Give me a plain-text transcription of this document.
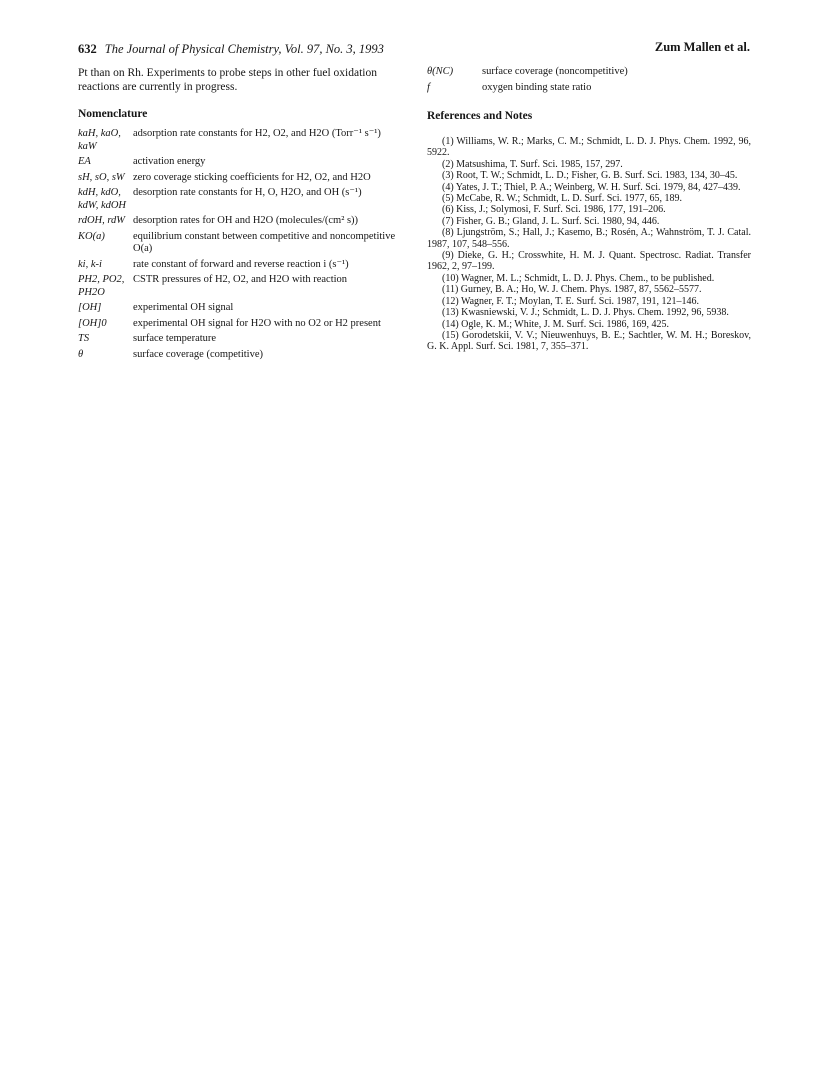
632 The Journal of Physical Chemistry, Vol. 97, No. 3, 1993	Zum Mallen et al.

Pt than on Rh. Experiments to probe steps in other fuel oxidation reactions are currently in progress.

Nomenclature

kaH, kaO, kaW	adsorption rate constants for H2, O2, and H2O (Torr⁻¹ s⁻¹)
EA	activation energy
sH, sO, sW	zero coverage sticking coefficients for H2, O2, and H2O
kdH, kdO, kdW, kdOH	desorption rate constants for H, O, H2O, and OH (s⁻¹)
rdOH, rdW	desorption rates for OH and H2O (molecules/(cm² s))
KO(a)	equilibrium constant between competitive and noncompetitive O(a)
ki, k-i	rate constant of forward and reverse reaction i (s⁻¹)
PH2, PO2, PH2O	CSTR pressures of H2, O2, and H2O with reaction
[OH]	experimental OH signal
[OH]0	experimental OH signal for H2O with no O2 or H2 present
TS	surface temperature
θ	surface coverage (competitive)
θ(NC)	surface coverage (noncompetitive)
f	oxygen binding state ratio

References and Notes

(1) Williams, W. R.; Marks, C. M.; Schmidt, L. D. J. Phys. Chem. 1992, 96, 5922.

(2) Matsushima, T. Surf. Sci. 1985, 157, 297.

(3) Root, T. W.; Schmidt, L. D.; Fisher, G. B. Surf. Sci. 1983, 134, 30–45.

(4) Yates, J. T.; Thiel, P. A.; Weinberg, W. H. Surf. Sci. 1979, 84, 427–439.

(5) McCabe, R. W.; Schmidt, L. D. Surf. Sci. 1977, 65, 189.

(6) Kiss, J.; Solymosi, F. Surf. Sci. 1986, 177, 191–206.

(7) Fisher, G. B.; Gland, J. L. Surf. Sci. 1980, 94, 446.

(8) Ljungström, S.; Hall, J.; Kasemo, B.; Rosén, A.; Wahnström, T. J. Catal. 1987, 107, 548–556.

(9) Dieke, G. H.; Crosswhite, H. M. J. Quant. Spectrosc. Radiat. Transfer 1962, 2, 97–199.

(10) Wagner, M. L.; Schmidt, L. D. J. Phys. Chem., to be published.

(11) Gurney, B. A.; Ho, W. J. Chem. Phys. 1987, 87, 5562–5577.

(12) Wagner, F. T.; Moylan, T. E. Surf. Sci. 1987, 191, 121–146.

(13) Kwasniewski, V. J.; Schmidt, L. D. J. Phys. Chem. 1992, 96, 5938.

(14) Ogle, K. M.; White, J. M. Surf. Sci. 1986, 169, 425.

(15) Gorodetskii, V. V.; Nieuwenhuys, B. E.; Sachtler, W. M. H.; Boreskov, G. K. Appl. Surf. Sci. 1981, 7, 355–371.
